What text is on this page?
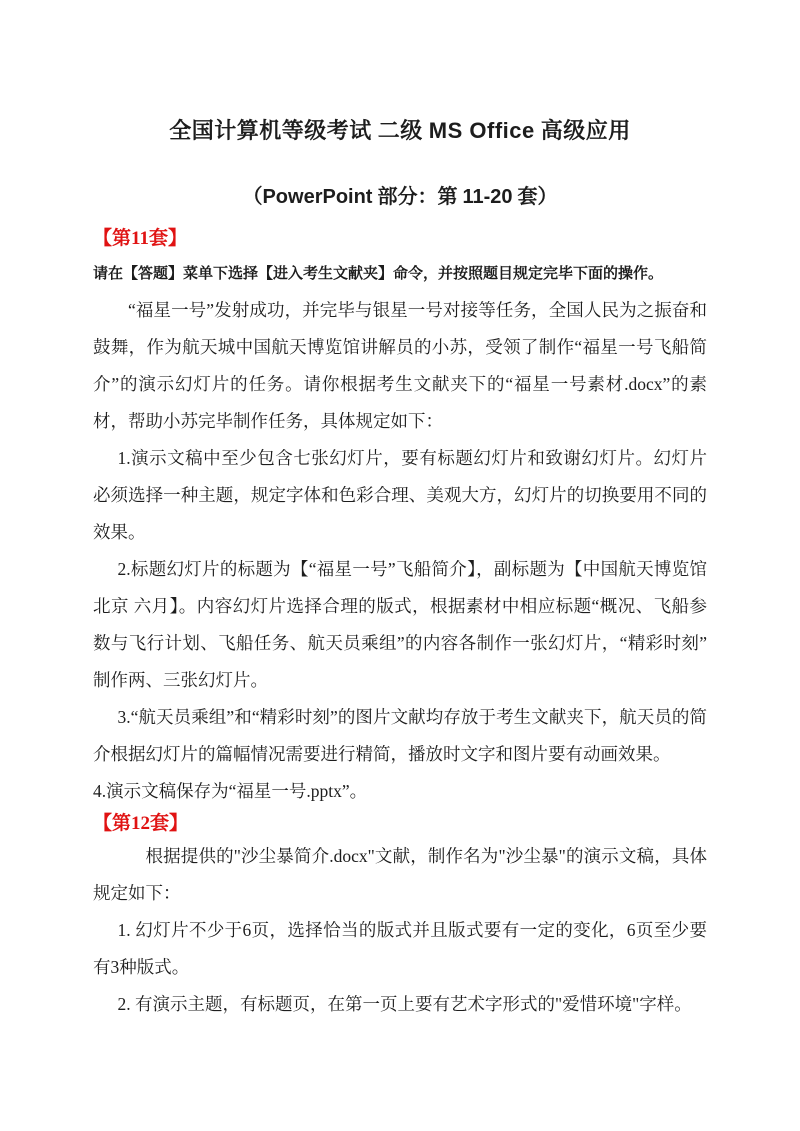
全国计算机等级考试 二级 MS Office 高级应用
（PowerPoint 部分：第 11-20 套）
【第11套】

请在【答题】菜单下选择【进入考生文献夹】命令，并按照题目规定完毕下面的操作。

“福星一号”发射成功，并完毕与银星一号对接等任务，全国人民为之振奋和鼓舞，作为航天城中国航天博览馆讲解员的小苏，受领了制作“福星一号飞船简介”的演示幻灯片的任务。请你根据考生文献夹下的“福星一号素材.docx”的素材，帮助小苏完毕制作任务，具体规定如下：

1.演示文稿中至少包含七张幻灯片，要有标题幻灯片和致谢幻灯片。幻灯片必须选择一种主题，规定字体和色彩合理、美观大方，幻灯片的切换要用不同的效果。

2.标题幻灯片的标题为【“福星一号”飞船简介】，副标题为【中国航天博览馆 北京 六月】。内容幻灯片选择合理的版式，根据素材中相应标题“概况、飞船参数与飞行计划、飞船任务、航天员乘组”的内容各制作一张幻灯片，“精彩时刻”制作两、三张幻灯片。

3.“航天员乘组”和“精彩时刻”的图片文献均存放于考生文献夹下，航天员的简介根据幻灯片的篇幅情况需要进行精简，播放时文字和图片要有动画效果。

4.演示文稿保存为“福星一号.pptx”。

【第12套】

根据提供的"沙尘暴简介.docx"文献，制作名为"沙尘暴"的演示文稿，具体规定如下：

1. 幻灯片不少于6页，选择恰当的版式并且版式要有一定的变化，6页至少要有3种版式。

2. 有演示主题，有标题页，在第一页上要有艺术字形式的"爱惜环境"字样。
